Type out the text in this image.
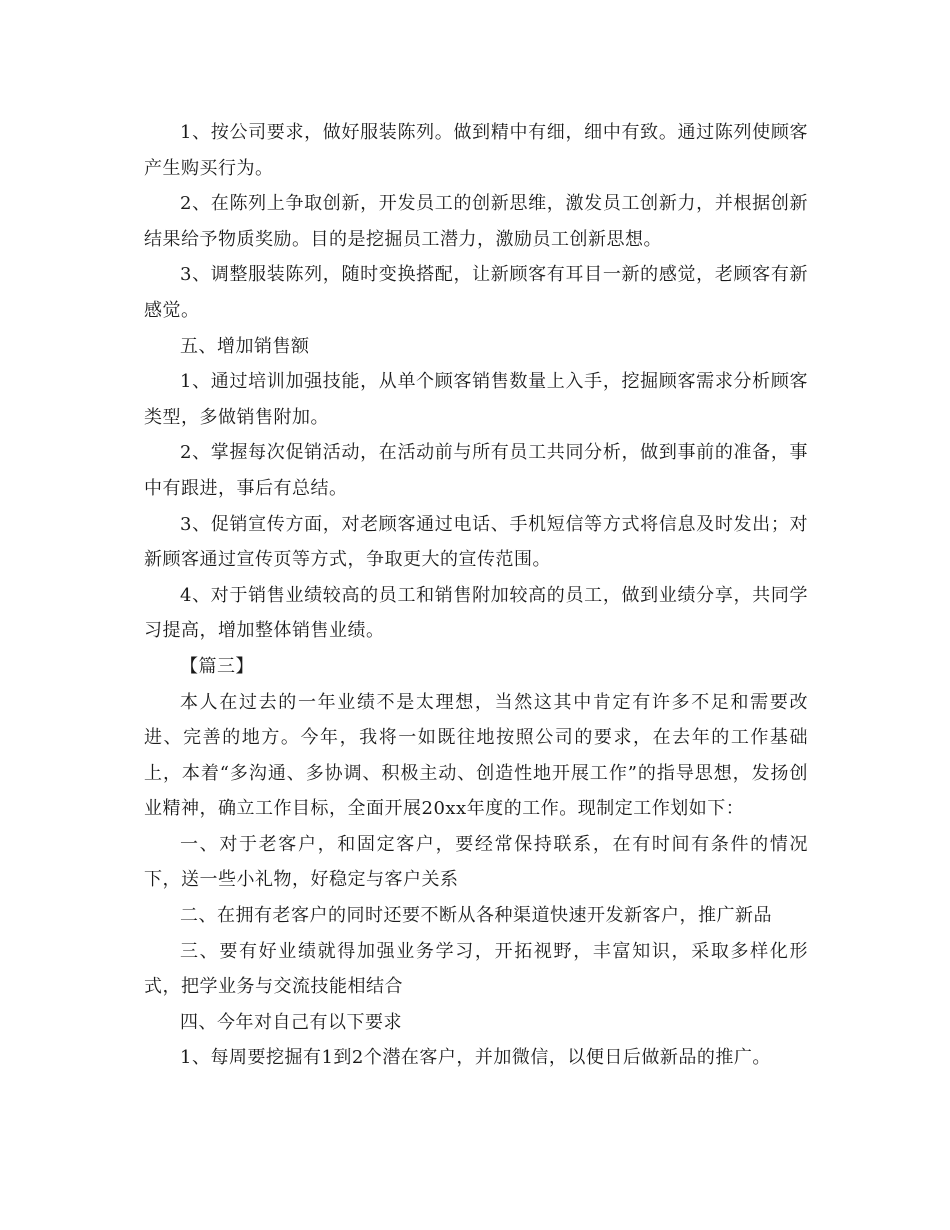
1、按公司要求，做好服装陈列。做到精中有细，细中有致。通过陈列使顾客产生购买行为。

2、在陈列上争取创新，开发员工的创新思维，激发员工创新力，并根据创新结果给予物质奖励。目的是挖掘员工潜力，激励员工创新思想。

3、调整服装陈列，随时变换搭配，让新顾客有耳目一新的感觉，老顾客有新感觉。

五、增加销售额

1、通过培训加强技能，从单个顾客销售数量上入手，挖掘顾客需求分析顾客类型，多做销售附加。

2、掌握每次促销活动，在活动前与所有员工共同分析，做到事前的准备，事中有跟进，事后有总结。

3、促销宣传方面，对老顾客通过电话、手机短信等方式将信息及时发出；对新顾客通过宣传页等方式，争取更大的宣传范围。

4、对于销售业绩较高的员工和销售附加较高的员工，做到业绩分享，共同学习提高，增加整体销售业绩。

【篇三】

本人在过去的一年业绩不是太理想，当然这其中肯定有许多不足和需要改进、完善的地方。今年，我将一如既往地按照公司的要求，在去年的工作基础上，本着“多沟通、多协调、积极主动、创造性地开展工作”的指导思想，发扬创业精神，确立工作目标，全面开展20xx年度的工作。现制定工作划如下：

一、对于老客户，和固定客户，要经常保持联系，在有时间有条件的情况下，送一些小礼物，好稳定与客户关系

二、在拥有老客户的同时还要不断从各种渠道快速开发新客户，推广新品

三、要有好业绩就得加强业务学习，开拓视野，丰富知识，采取多样化形式，把学业务与交流技能相结合

四、今年对自己有以下要求

1、每周要挖掘有1到2个潜在客户，并加微信，以便日后做新品的推广。
